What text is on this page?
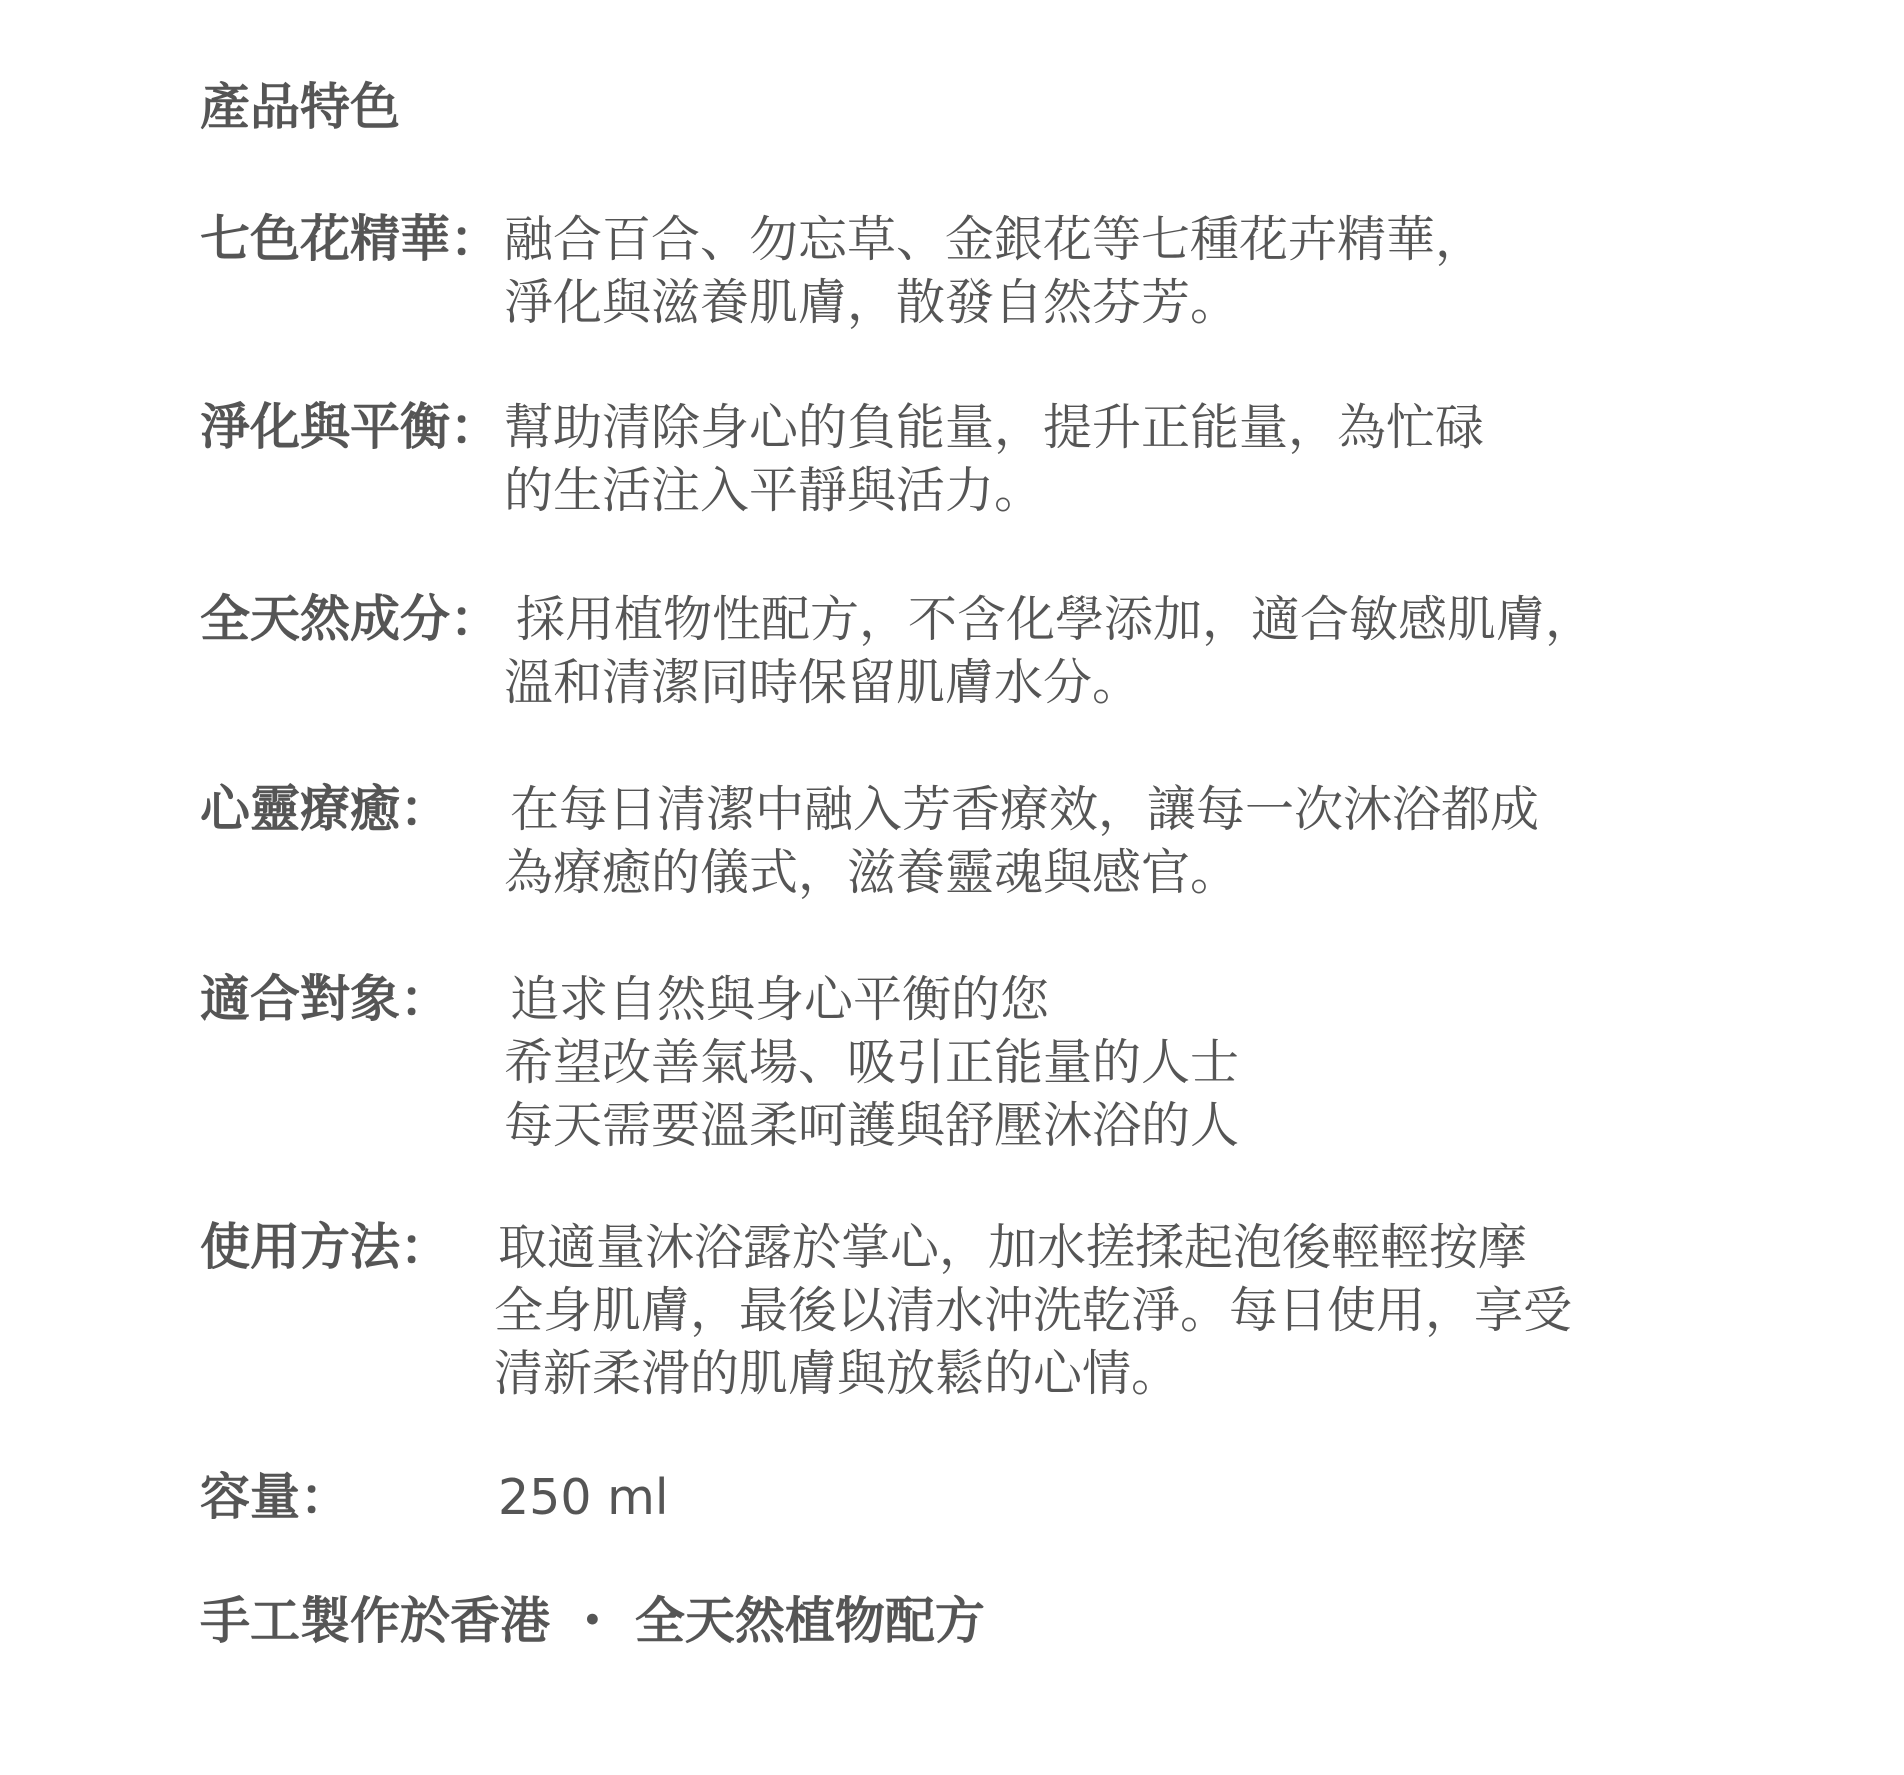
產品特色
七色花精華： 融合百合、勿忘草、金銀花等七種花卉精華，
淨化與滋養肌膚，散發自然芬芳。
淨化與平衡： 幫助清除身心的負能量，提升正能量，為忙碌
的生活注入平靜與活力。
全天然成分： 採用植物性配方，不含化學添加，適合敏感肌膚，
溫和清潔同時保留肌膚水分。
心靈療癒： 在每日清潔中融入芳香療效，讓每一次沐浴都成
為療癒的儀式，滋養靈魂與感官。
適合對象： 追求自然與身心平衡的您
希望改善氣場、吸引正能量的人士
每天需要溫柔呵護與舒壓沐浴的人
使用方法： 取適量沐浴露於掌心，加水搓揉起泡後輕輕按摩
全身肌膚，最後以清水沖洗乾淨。每日使用，享受
清新柔滑的肌膚與放鬆的心情。
容量：	250 ml
手工製作於香港 ・ 全天然植物配方
